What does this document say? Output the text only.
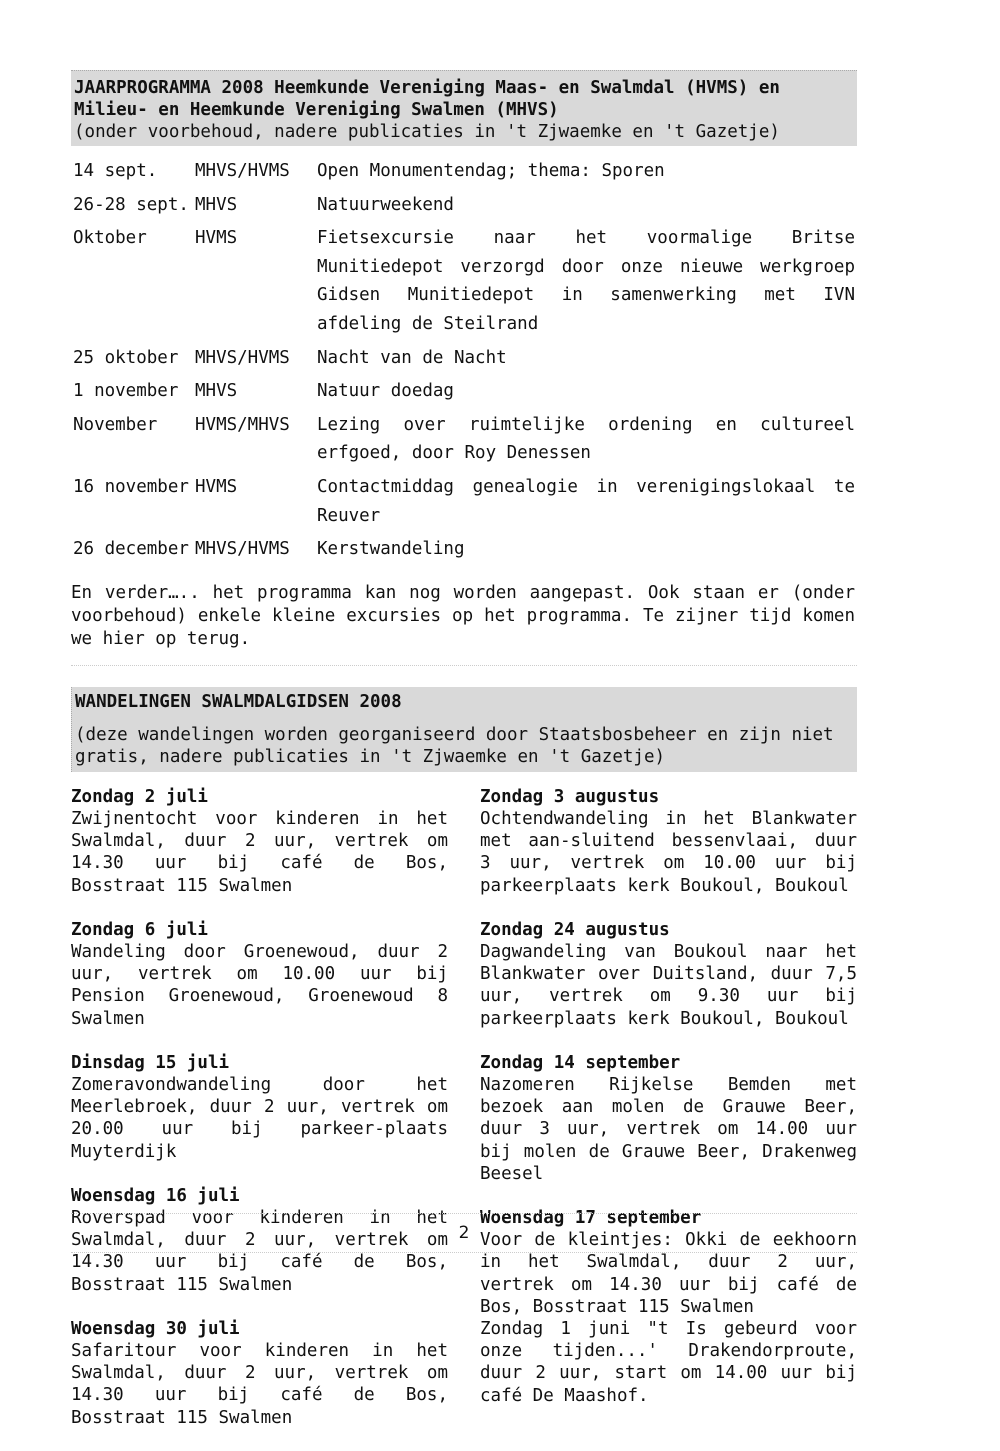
JAARPROGRAMMA 2008 Heemkunde Vereniging Maas- en Swalmdal (HVMS) en Milieu- en Heemkunde Vereniging Swalmen (MHVS)
(onder voorbehoud, nadere publicaties in 't Zjwaemke en 't Gazetje)
14 sept.	MHVS/HVMS	Open Monumentendag; thema: Sporen
26-28 sept.	MHVS	Natuurweekend
Oktober	HVMS	Fietsexcursie naar het voormalige Britse Munitiedepot verzorgd door onze nieuwe werkgroep Gidsen Munitiedepot in samenwerking met IVN afdeling de Steilrand
25 oktober	MHVS/HVMS	Nacht van de Nacht
1 november	MHVS	Natuur doedag
November	HVMS/MHVS	Lezing over ruimtelijke ordening en cultureel erfgoed, door Roy Denessen
16 november	HVMS	Contactmiddag genealogie in verenigingslokaal te Reuver
26 december	MHVS/HVMS	Kerstwandeling
En verder….. het programma kan nog worden aangepast. Ook staan er (onder voorbehoud) enkele kleine excursies op het programma. Te zijner tijd komen we hier op terug.
WANDELINGEN SWALMDALGIDSEN 2008
(deze wandelingen worden georganiseerd door Staatsbosbeheer en zijn niet gratis, nadere publicaties in 't Zjwaemke en 't Gazetje)
Zondag 2 juli
Zwijnentocht voor kinderen in het Swalmdal, duur 2 uur, vertrek om 14.30 uur bij café de Bos, Bosstraat 115 Swalmen
Zondag 6 juli
Wandeling door Groenewoud, duur 2 uur, vertrek om 10.00 uur bij Pension Groenewoud, Groenewoud 8 Swalmen
Dinsdag 15 juli
Zomeravondwandeling door het Meerlebroek, duur 2 uur, vertrek om 20.00 uur bij parkeer-plaats Muyterdijk
Woensdag 16 juli
Roverspad voor kinderen in het Swalmdal, duur 2 uur, vertrek om 14.30 uur bij café de Bos, Bosstraat 115 Swalmen
Woensdag 30 juli
Safaritour voor kinderen in het Swalmdal, duur 2 uur, vertrek om 14.30 uur bij café de Bos, Bosstraat 115 Swalmen
Zondag 3 augustus
Ochtendwandeling in het Blankwater met aan-sluitend bessenvlaai, duur 3 uur, vertrek om 10.00 uur bij parkeerplaats kerk Boukoul, Boukoul
Zondag 24 augustus
Dagwandeling van Boukoul naar het Blankwater over Duitsland, duur 7,5 uur, vertrek om 9.30 uur bij parkeerplaats kerk Boukoul, Boukoul
Zondag 14 september
Nazomeren Rijkelse Bemden met bezoek aan molen de Grauwe Beer, duur 3 uur, vertrek om 14.00 uur bij molen de Grauwe Beer, Drakenweg Beesel
Woensdag 17 september
Voor de kleintjes: Okki de eekhoorn in het Swalmdal, duur 2 uur, vertrek om 14.30 uur bij café de Bos, Bosstraat 115 Swalmen
Zondag 1 juni "t Is gebeurd voor onze tijden...' Drakendorproute, duur 2 uur, start om 14.00 uur bij café De Maashof.
2
